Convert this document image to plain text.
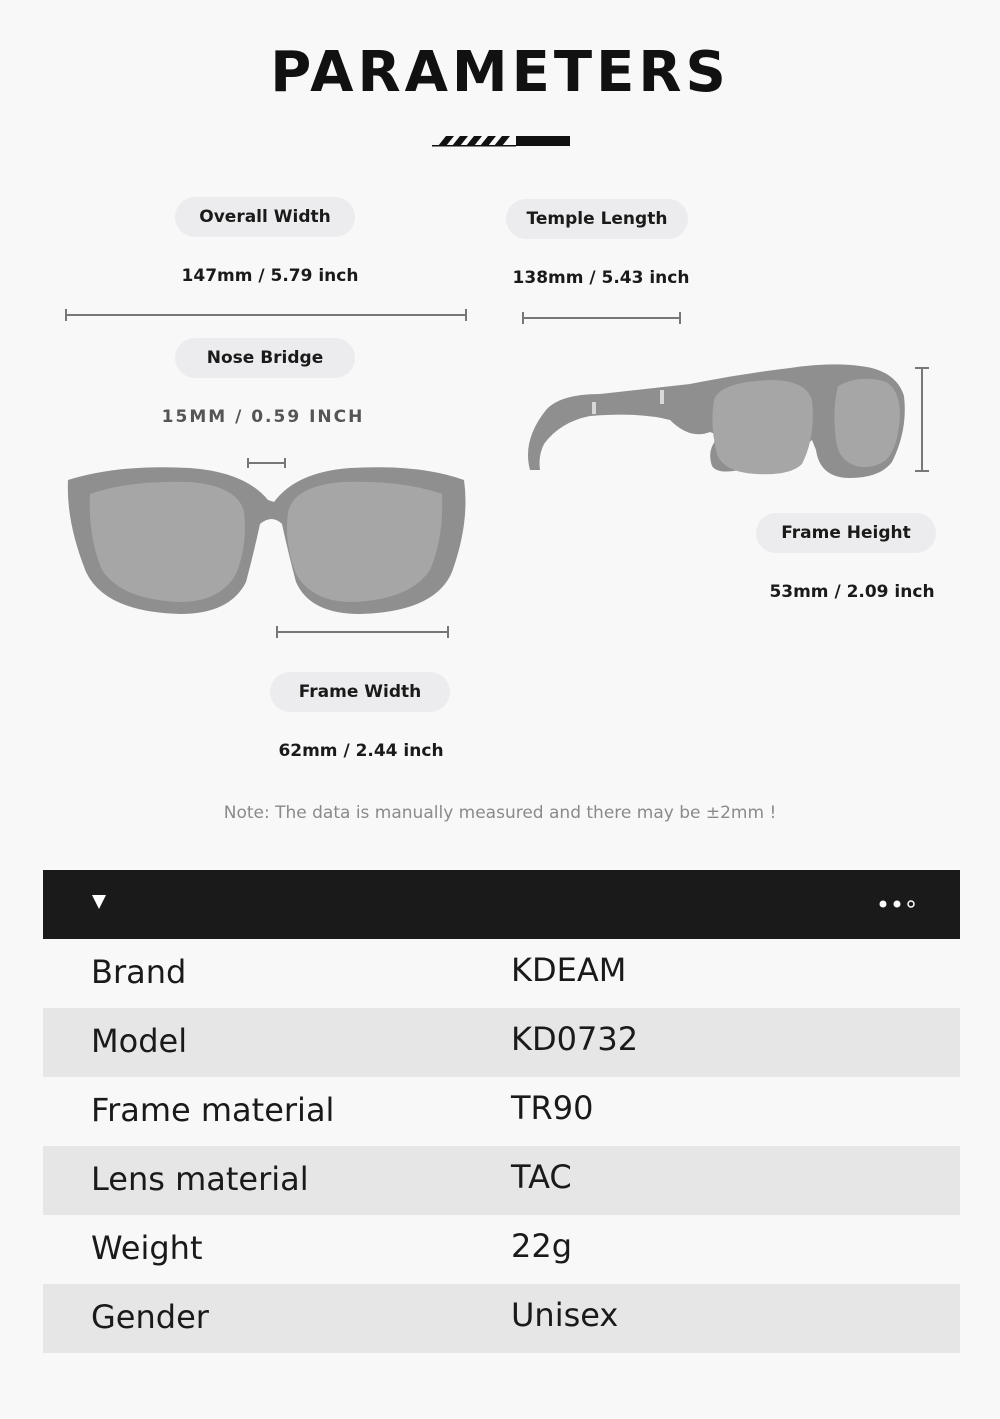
PARAMETERS
Overall Width
147mm / 5.79 inch
Temple Length
138mm / 5.43 inch
Nose Bridge
15MM / 0.59 INCH
Frame Width
62mm / 2.44 inch
Frame Height
53mm / 2.09 inch
Note: The data is manually measured and there may be ±2mm !
Brand	KDEAM
Model	KD0732
Frame material	TR90
Lens material	TAC
Weight	22g
Gender	Unisex
